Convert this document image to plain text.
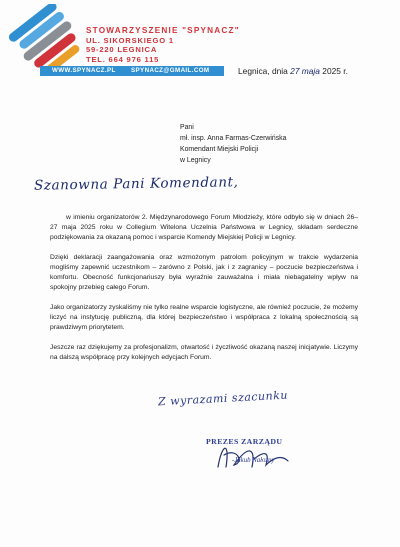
STOWARZYSZENIE "SPYNACZ"
UL. SIKORSKIEGO 1
59-220 LEGNICA
TEL. 664 976 115
WWW.SPYNACZ.PL SPYNACZ@GMAIL.COM	Legnica, dnia 27 maja 2025 r.
Pani
mł. insp. Anna Farmas-Czerwińska
Komendant Miejski Policji
w Legnicy
Szanowna Pani Komendant,

w imieniu organizatorów 2. Międzynarodowego Forum Młodzieży, które odbyło się w dniach 26–27 maja 2025 roku w Collegium Witelona Uczelnia Państwowa w Legnicy, składam serdeczne podziękowania za okazaną pomoc i wsparcie Komendy Miejskiej Policji w Legnicy.

Dzięki deklaracji zaangażowania oraz wzmożonym patrolom policyjnym w trakcie wydarzenia mogliśmy zapewnić uczestnikom – zarówno z Polski, jak i z zagranicy – poczucie bezpieczeństwa i komfortu. Obecność funkcjonariuszy była wyraźnie zauważalna i miała niebagatelny wpływ na spokojny przebieg całego Forum.

Jako organizatorzy zyskaliśmy nie tylko realne wsparcie logistyczne, ale również poczucie, że możemy liczyć na instytucję publiczną, dla której bezpieczeństwo i współpraca z lokalną społecznością są prawdziwym priorytetem.

Jeszcze raz dziękujemy za profesjonalizm, otwartość i życzliwość okazaną naszej inicjatywie. Liczymy na dalszą współpracę przy kolejnych edycjach Forum.

Z wyrazami szacunku
PREZES ZARZĄDU
-Jakub Nałożny
